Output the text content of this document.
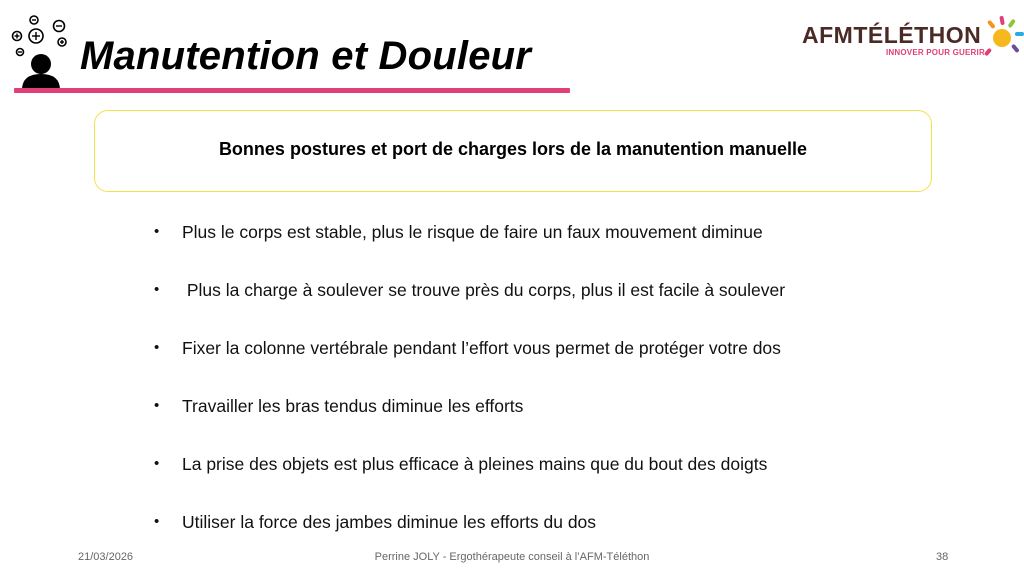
Manutention et Douleur	AFMTÉLÉTHON
INNOVER POUR GUERIR
Bonnes postures et port de charges lors de la manutention manuelle
• Plus le corps est stable, plus le risque de faire un faux mouvement diminue
• Plus la charge à soulever se trouve près du corps, plus il est facile à soulever
• Fixer la colonne vertébrale pendant l’effort vous permet de protéger votre dos
• Travailler les bras tendus diminue les efforts
• La prise des objets est plus efficace à pleines mains que du bout des doigts
• Utiliser la force des jambes diminue les efforts du dos
21/03/2026	Perrine JOLY - Ergothérapeute conseil à l’AFM-Téléthon	38
